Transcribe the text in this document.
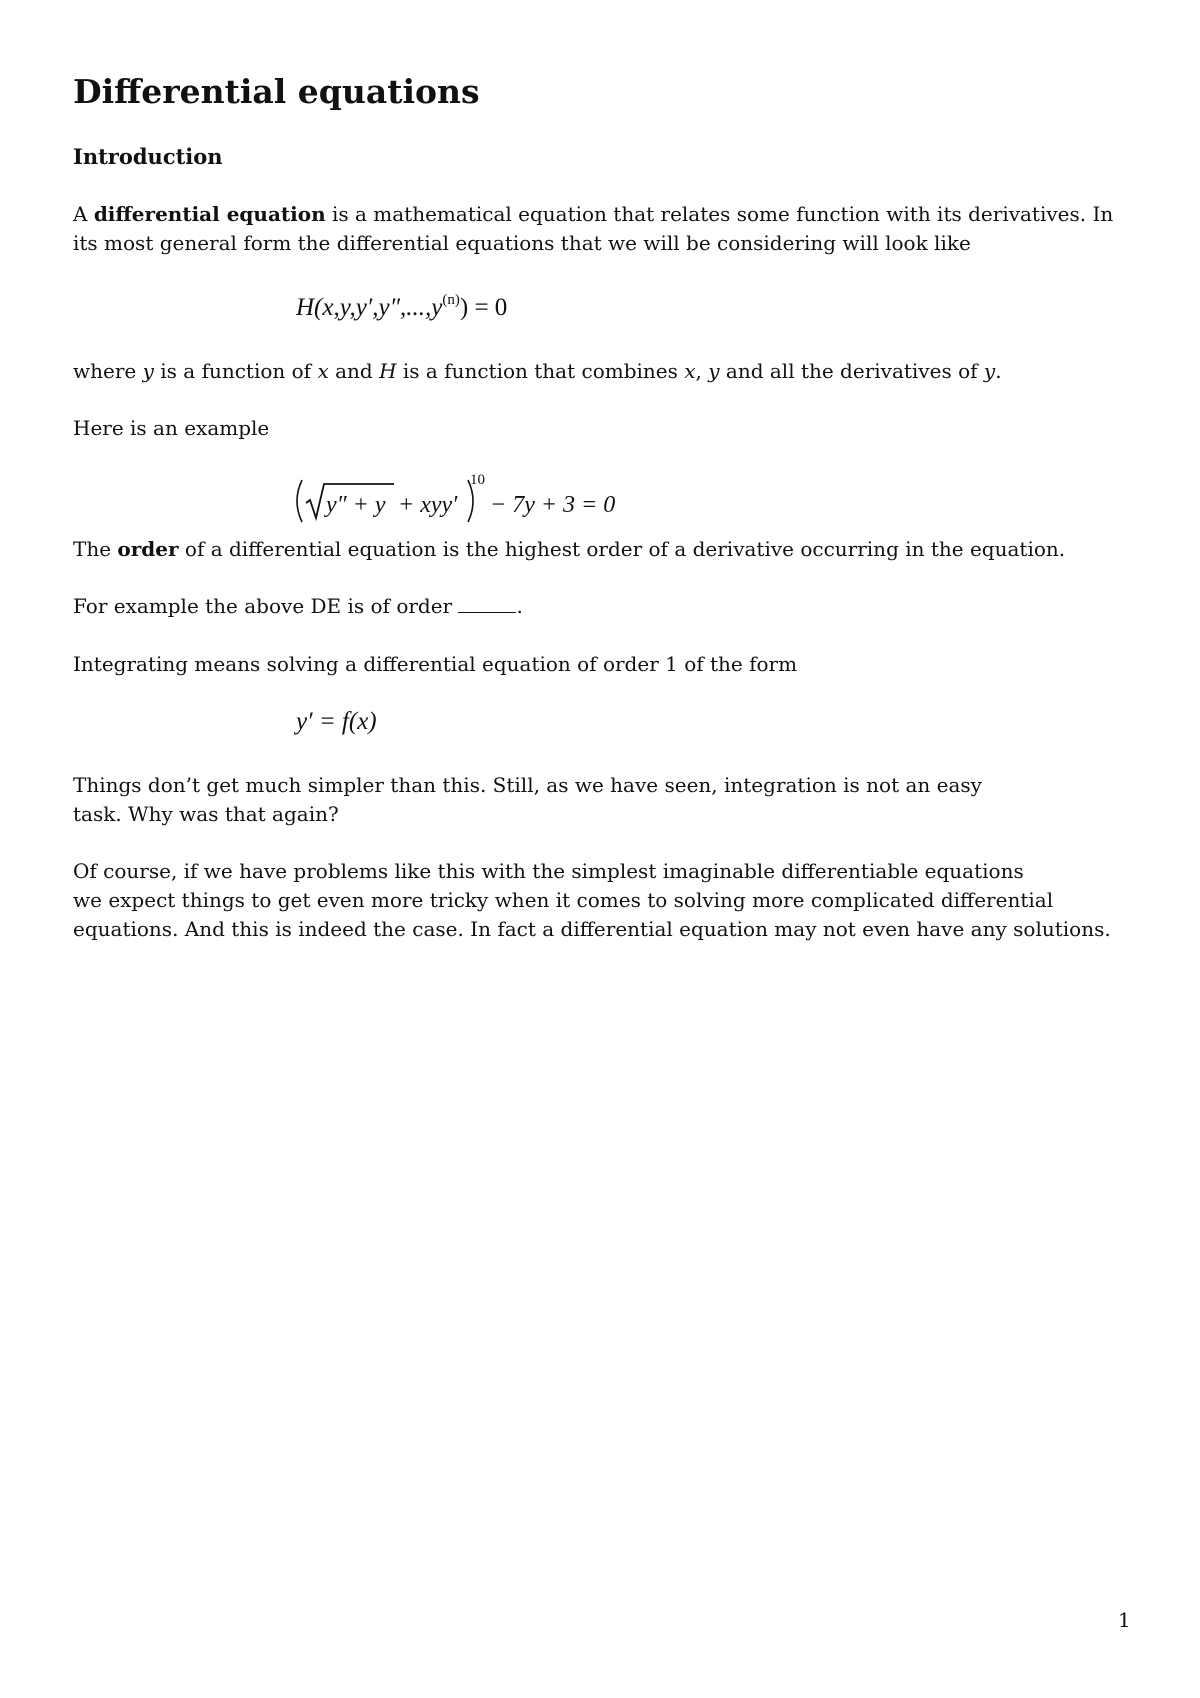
Differential equations
Introduction
A differential equation is a mathematical equation that relates some function with its derivatives. In its most general form the differential equations that we will be considering will look like
$H(x,y,y',y'',...,y^{(n)}) = 0$
where y is a function of x and H is a function that combines x, y and all the derivatives of y.
Here is an example
y″ + y + xyy′
10
− 7y + 3 = 0
The order of a differential equation is the highest order of a derivative occurring in the equation.
For example the above DE is of order	.
Integrating means solving a differential equation of order 1 of the form
y′ = f(x)
Things don’t get much simpler than this. Still, as we have seen, integration is not an easy
task. Why was that again?
Of course, if we have problems like this with the simplest imaginable differentiable equations
we expect things to get even more tricky when it comes to solving more complicated differential
equations. And this is indeed the case. In fact a differential equation may not even have any solutions.
1
